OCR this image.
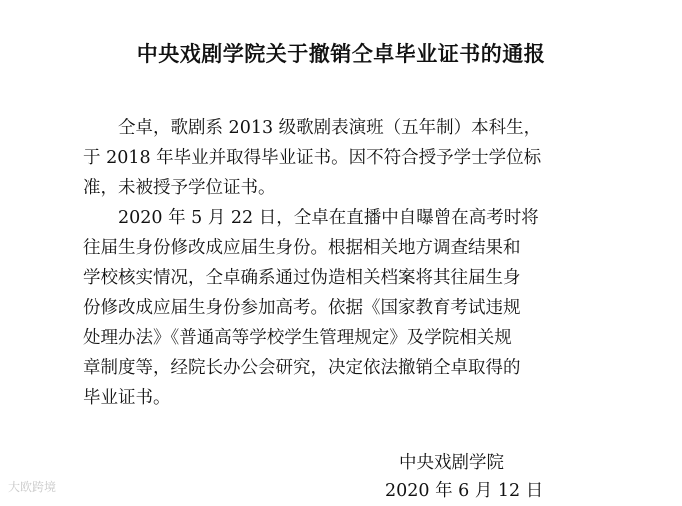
中央戏剧学院关于撤销仝卓毕业证书的通报
仝卓，歌剧系 2013 级歌剧表演班（五年制）本科生，
于 2018 年毕业并取得毕业证书。因不符合授予学士学位标
准，未被授予学位证书。
2020 年 5 月 22 日，仝卓在直播中自曝曾在高考时将
往届生身份修改成应届生身份。根据相关地方调查结果和
学校核实情况，仝卓确系通过伪造相关档案将其往届生身
份修改成应届生身份参加高考。依据《国家教育考试违规
处理办法》《普通高等学校学生管理规定》及学院相关规
章制度等，经院长办公会研究，决定依法撤销仝卓取得的
毕业证书。
中央戏剧学院
2020 年 6 月 12 日
大欧跨境
